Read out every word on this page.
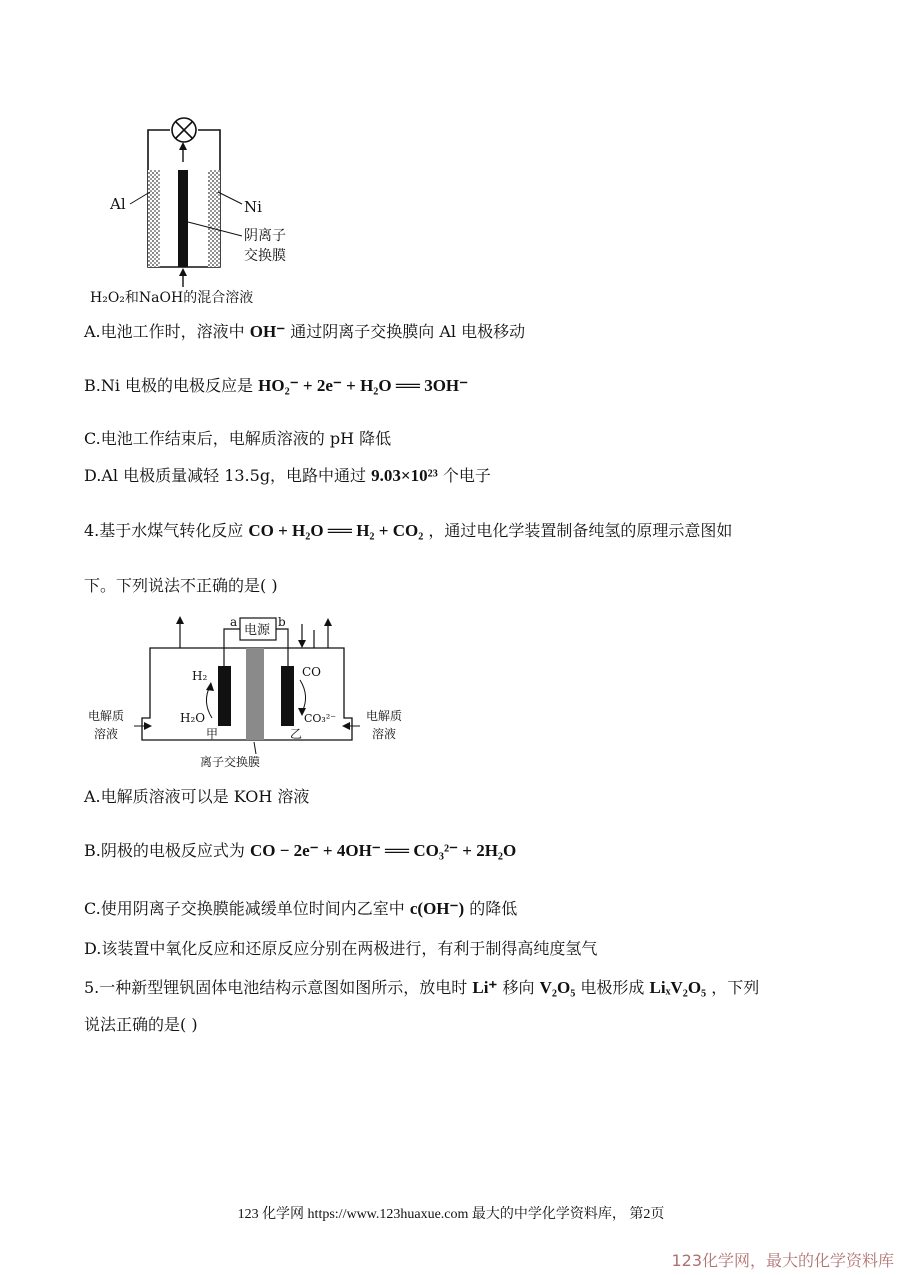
Al	Ni
阴离子
交换膜
H₂O₂和NaOH的混合溶液
A.电池工作时，溶液中 OH⁻ 通过阴离子交换膜向 Al 电极移动
B.Ni 电极的电极反应是 HO₂⁻ + 2e⁻ + H₂O ══ 3OH⁻
C.电池工作结束后，电解质溶液的 pH 降低
D.Al 电极质量减轻 13.5g，电路中通过 9.03×10²³ 个电子
4.基于水煤气转化反应 CO + H₂O ══ H₂ + CO₂ ，通过电化学装置制备纯氢的原理示意图如
下。下列说法不正确的是( )
电源
a	b
H₂
H₂O
甲
CO
CO₃²⁻
乙
电解质
溶液
电解质
溶液
离子交换膜
A.电解质溶液可以是 KOH 溶液
B.阴极的电极反应式为 CO − 2e⁻ + 4OH⁻ ══ CO₃²⁻ + 2H₂O
C.使用阴离子交换膜能减缓单位时间内乙室中 c(OH⁻) 的降低
D.该装置中氧化反应和还原反应分别在两极进行，有利于制得高纯度氢气
5.一种新型锂钒固体电池结构示意图如图所示，放电时 Li⁺ 移向 V₂O₅ 电极形成 LiₓV₂O₅ ，下列
说法正确的是( )
123 化学网 https://www.123huaxue.com 最大的中学化学资料库， 第2页
123化学网，最大的化学资料库
